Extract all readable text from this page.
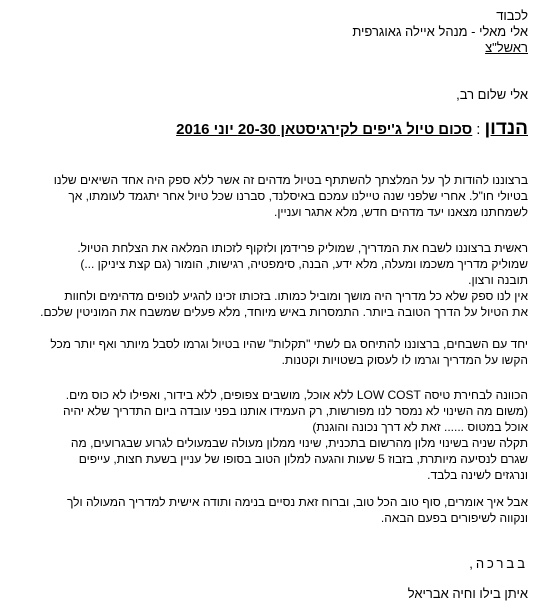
לכבוד

אלי מאלי - מנהל איילה גאוגרפית

ראשל"צ

אלי שלום רב,

הנדון
:
סכום טיול ג'יפים לקירגיסטאן 20-30 יוני 2016

ברצוננו להודות לך על המלצתך להשתתף בטיול מדהים זה אשר ללא ספק היה אחד השיאים שלנו
בטיולי חו"ל. אחרי שלפני שנה טיילנו עמכם באיסלנד, סברנו שכל טיול אחר יתגמד לעומתו, אך
לשמחתנו מצאנו יעד מדהים חדש, מלא אתגר ועניין.

ראשית ברצוננו לשבח את המדריך, שמוליק פרידמן ולזקוף לזכותו המלאה את הצלחת הטיול.
שמוליק מדריך משכמו ומעלה, מלא ידע, הבנה, סימפטיה, רגישות, הומור (גם קצת ציניקן ...)
תובנה ורצון.
אין לנו ספק שלא כל מדריך היה מושך ומוביל כמותו. בזכותו זכינו להגיע לנופים מדהימים ולחוות
את הטיול על הדרך הטובה ביותר. התמסרות באיש מיוחד, מלא פעלים שמשבח את המוניטין שלכם.

יחד עם השבחים, ברצוננו להתיחס גם לשתי "תקלות" שהיו בטיול וגרמו לסבל מיותר ואף יותר מכל
הקשו על המדריך וגרמו לו לעסוק בשטויות וקטנות.

הכוונה לבחירת טיסה LOW COST ללא אוכל, מושבים צפופים, ללא בידור, ואפילו לא כוס מים.
(משום מה השינוי לא נמסר לנו מפורשות, רק העמידו אותנו בפני עובדה ביום התדריך שלא יהיה
אוכל במטוס ...... זאת לא דרך נכונה והוגנת)
תקלה שניה בשינוי מלון מהרשום בתכנית, שינוי ממלון מעולה שבמעולים לגרוע שבגרועים, מה
שגרם לנסיעה מיותרת, בזבוז 5 שעות והגעה למלון הטוב בסופו של עניין בשעת חצות, עייפים
ונרגזים לשינה בלבד.

אבל איך אומרים, סוף טוב הכל טוב, וברוח זאת נסיים בנימה ותודה אישית למדריך המעולה ולך
ונקווה לשיפורים בפעם הבאה.

בברכה,

איתן בילו וחיה אבריאל
